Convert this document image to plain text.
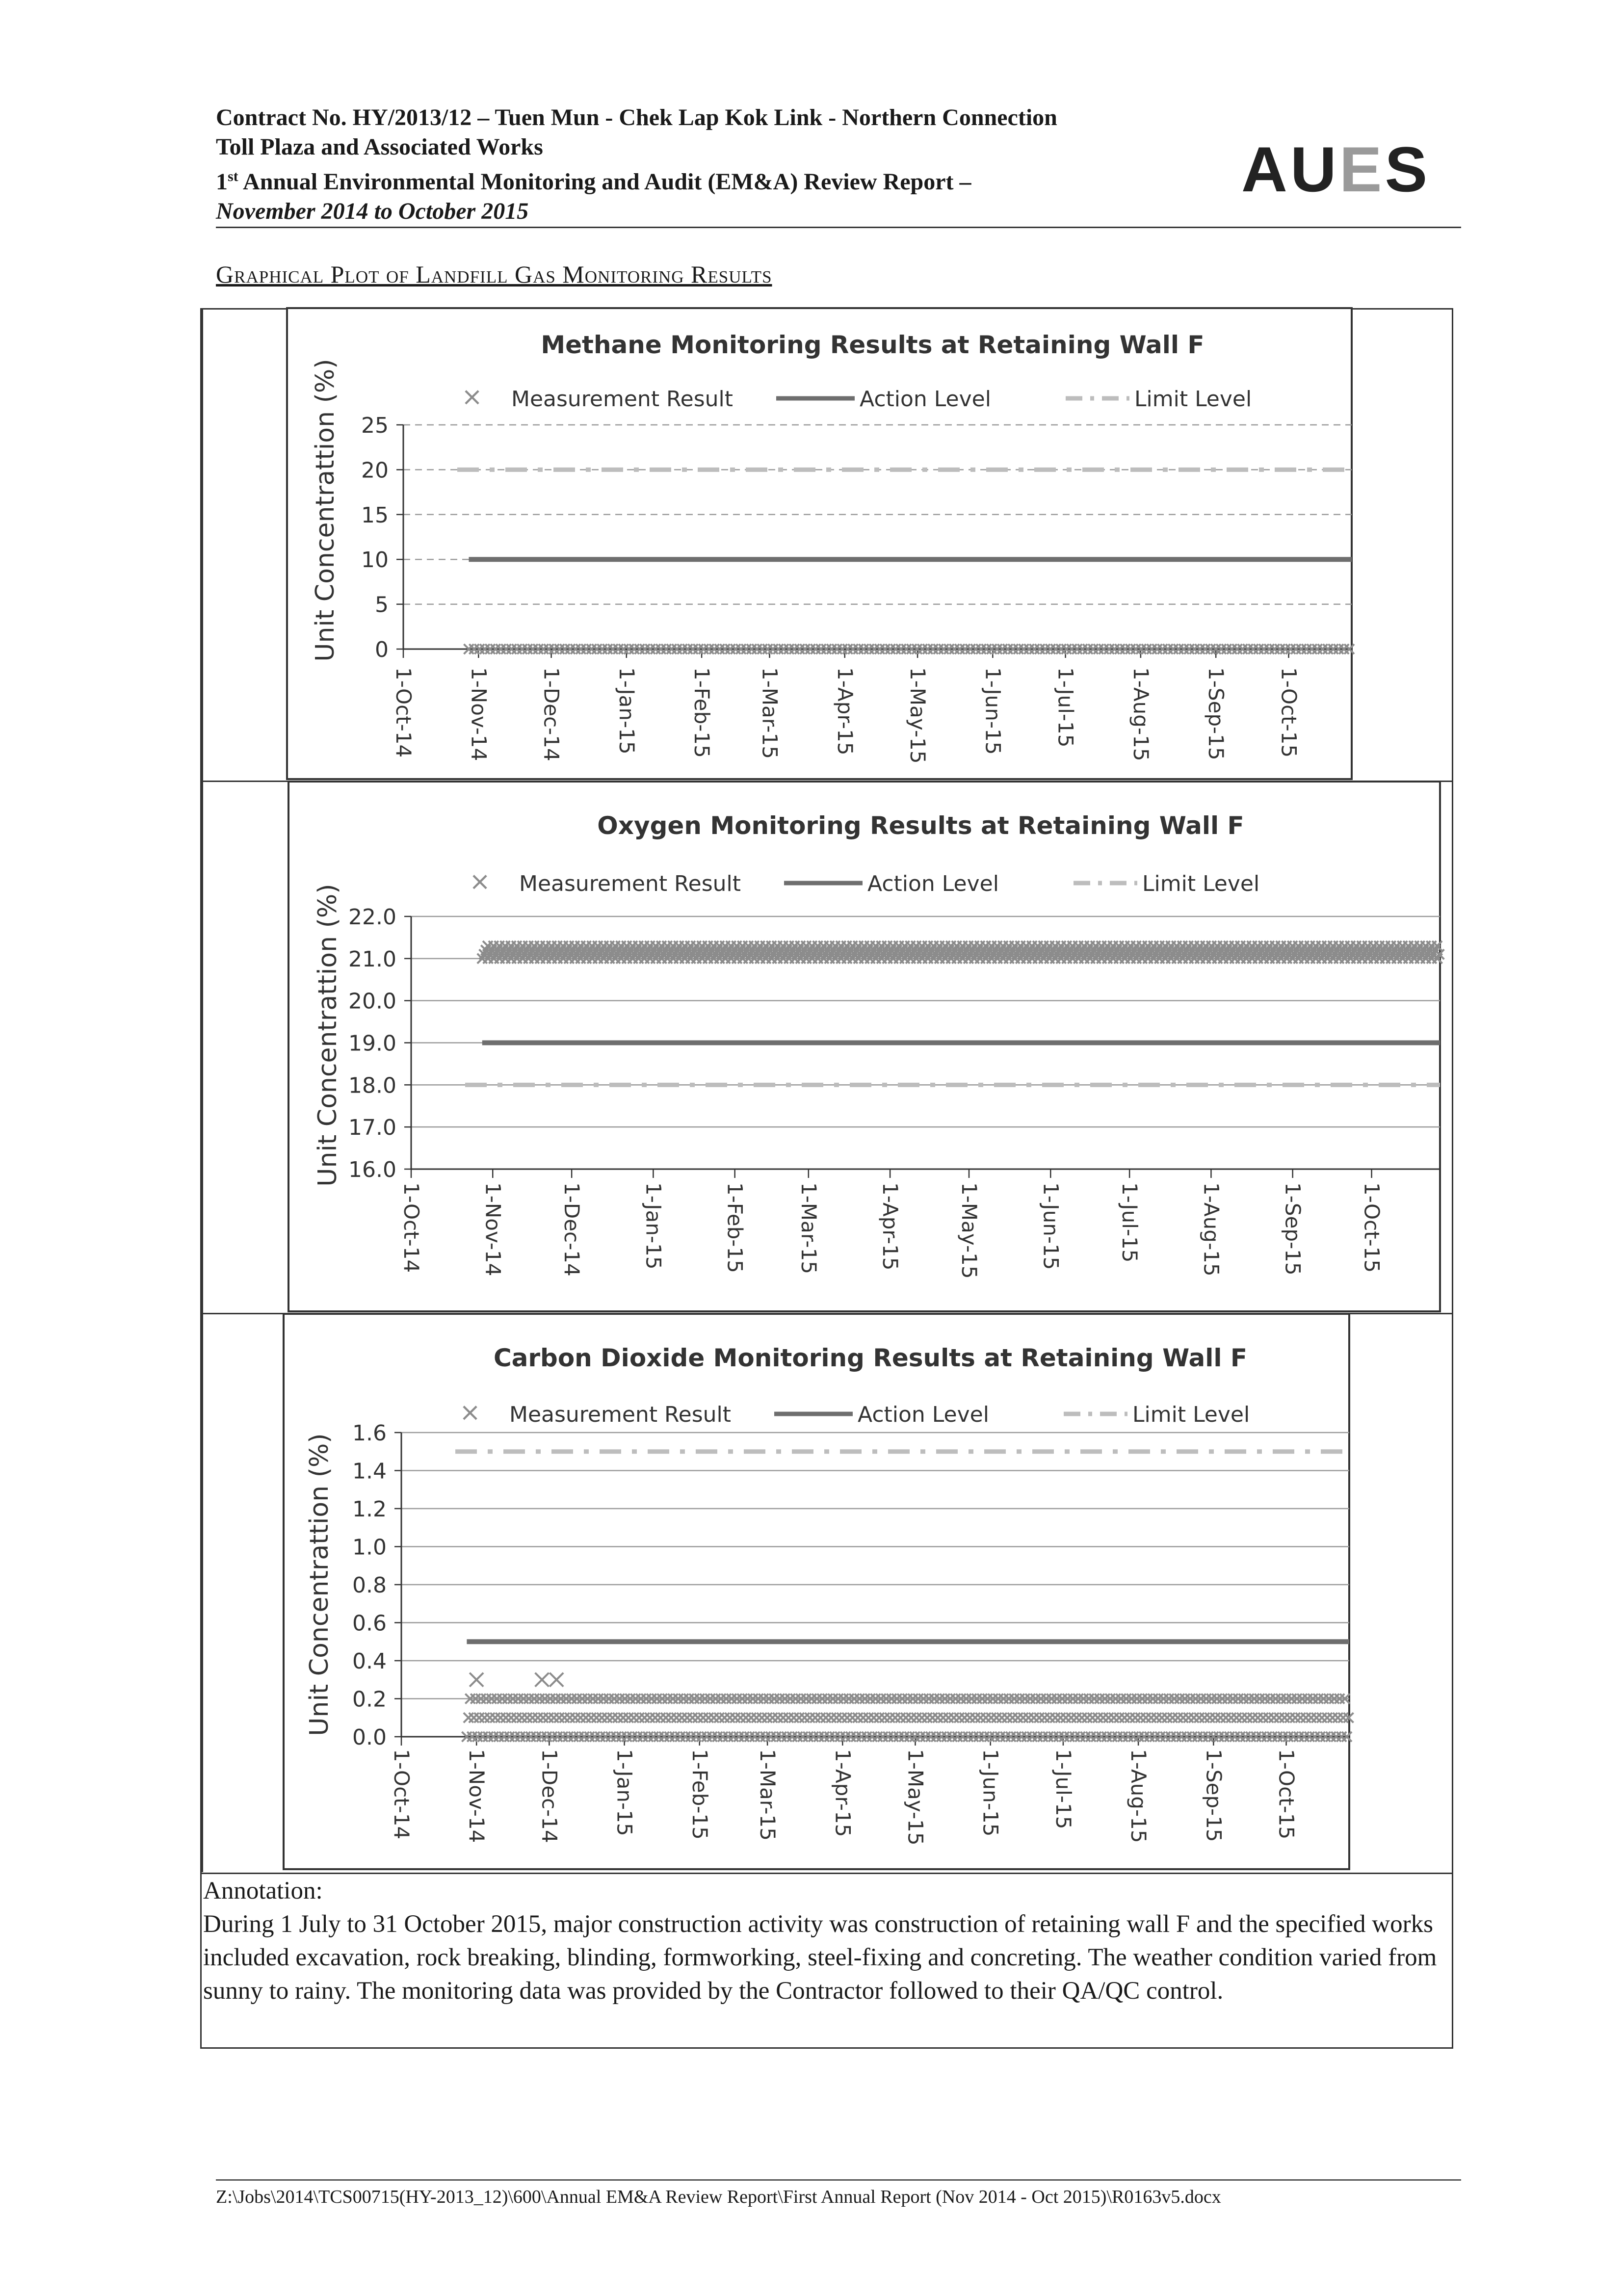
Contract No. HY/2013/12 – Tuen Mun - Chek Lap Kok Link - Northern Connection
Toll Plaza and Associated Works
1st Annual Environmental Monitoring and Audit (EM&A) Review Report –
November 2014 to October 2015
AUES
Graphical Plot of Landfill Gas Monitoring Results
Methane Monitoring Results at Retaining Wall F
× Measurement Result	Action Level	Limit Level
0
5
10
15
20
25
1-Oct-14 1-Nov-14 1-Dec-14 1-Jan-15 1-Feb-15 1-Mar-15 1-Apr-15 1-May-15 1-Jun-15 1-Jul-15 1-Aug-15 1-Sep-15 1-Oct-15
Unit Concentrattion (%)
Oxygen Monitoring Results at Retaining Wall F
× Measurement Result	Action Level	Limit Level
16.0
17.0
18.0
19.0
20.0
21.0
22.0
1-Oct-14	1-Nov-14	1-Dec-14	1-Jan-15	1-Feb-15 1-Mar-15	1-Apr-15	1-May-15	1-Jun-15	1-Jul-15	1-Aug-15	1-Sep-15	1-Oct-15
Unit Concentrattion (%)
Carbon Dioxide Monitoring Results at Retaining Wall F
× Measurement Result	Action Level	Limit Level
0.0
0.2
0.4
0.6
0.8
1.0
1.2
1.4
1.6
1-Oct-14 1-Nov-14 1-Dec-14 1-Jan-15 1-Feb-15 1-Mar-15 1-Apr-15 1-May-15 1-Jun-15 1-Jul-15 1-Aug-15 1-Sep-15 1-Oct-15
Unit Concentrattion (%)
Annotation:
During 1 July to 31 October 2015, major construction activity was construction of retaining wall F and the specified works included excavation, rock breaking, blinding, formworking, steel-fixing and concreting. The weather condition varied from sunny to rainy. The monitoring data was provided by the Contractor followed to their QA/QC control.
Z:\Jobs\2014\TCS00715(HY-2013_12)\600\Annual EM&A Review Report\First Annual Report (Nov 2014 - Oct 2015)\R0163v5.docx
